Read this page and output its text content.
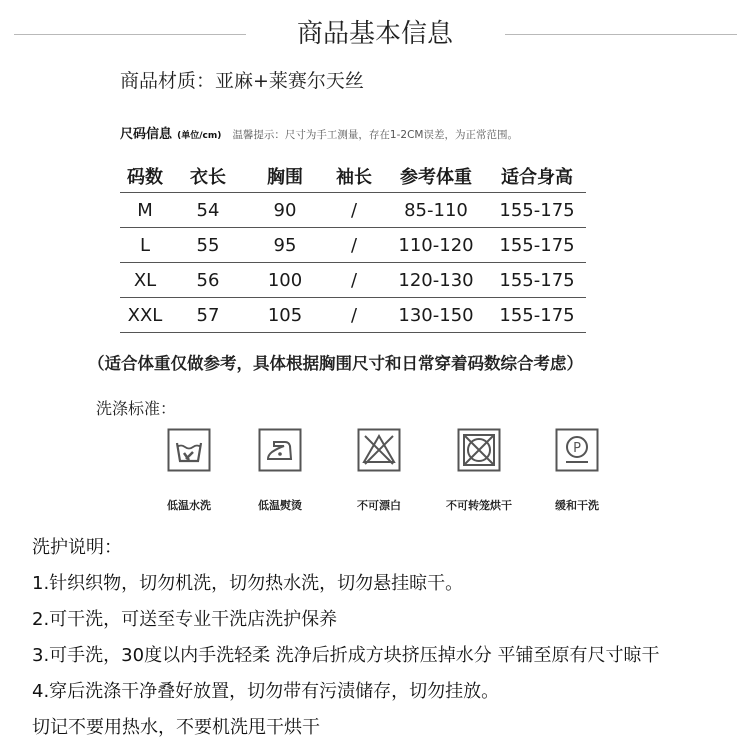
商品基本信息
商品材质：亚麻+莱赛尔天丝
尺码信息 (单位/cm) 温馨提示：尺寸为手工测量，存在1-2CM误差，为正常范围。
码数	衣长	胸围	袖长	参考体重	适合身高
M	54	90	/	85-110	155-175
L	55	95	/	110-120	155-175
XL	56	100	/	120-130	155-175
XXL	57	105	/	130-150	155-175
（适合体重仅做参考，具体根据胸围尺寸和日常穿着码数综合考虑）
洗涤标准：
P
低温水洗	低温熨烫	不可漂白	不可转笼烘干	缓和干洗
洗护说明：
1.针织织物，切勿机洗，切勿热水洗，切勿悬挂晾干。
2.可干洗，可送至专业干洗店洗护保养
3.可手洗，30度以内手洗轻柔 洗净后折成方块挤压掉水分 平铺至原有尺寸晾干
4.穿后洗涤干净叠好放置，切勿带有污渍储存，切勿挂放。
切记不要用热水，不要机洗甩干烘干
